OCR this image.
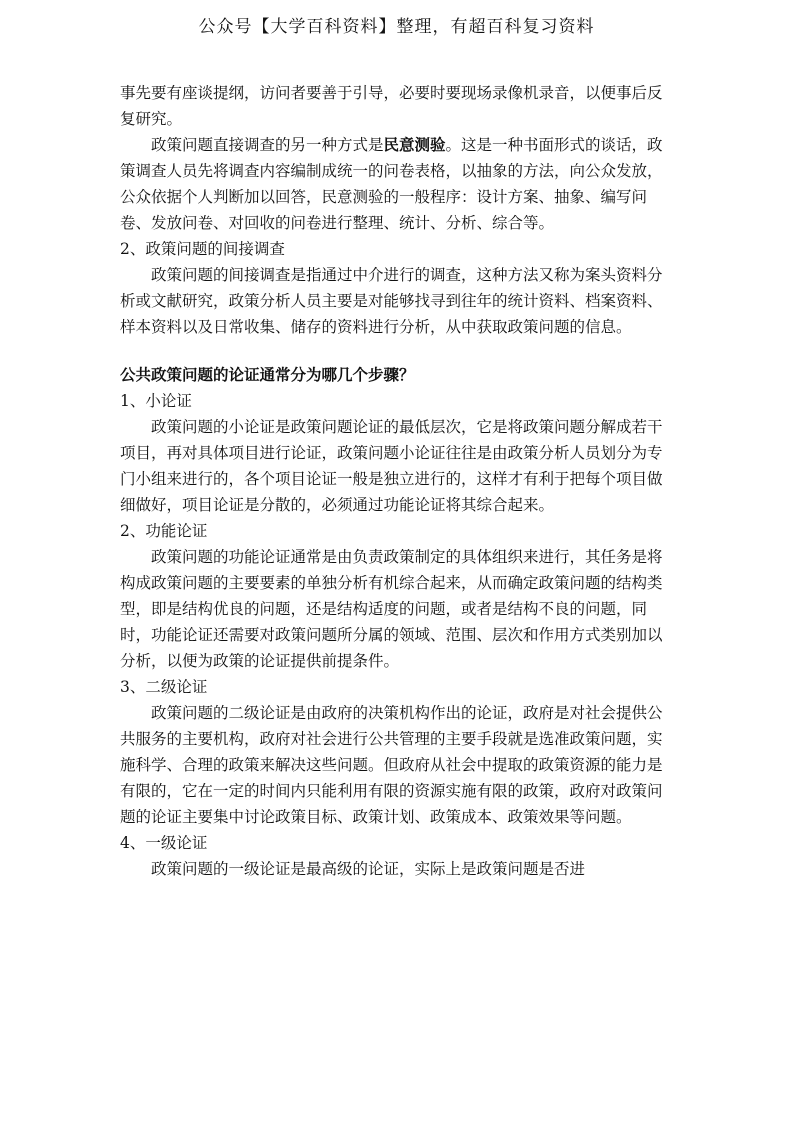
公众号【大学百科资料】整理，有超百科复习资料

事先要有座谈提纲，访问者要善于引导，必要时要现场录像机录音，以便事后反复研究。

政策问题直接调查的另一种方式是民意测验。这是一种书面形式的谈话，政策调查人员先将调查内容编制成统一的问卷表格，以抽象的方法，向公众发放，公众依据个人判断加以回答，民意测验的一般程序：设计方案、抽象、编写问卷、发放问卷、对回收的问卷进行整理、统计、分析、综合等。

2、政策问题的间接调查

政策问题的间接调查是指通过中介进行的调查，这种方法又称为案头资料分析或文献研究，政策分析人员主要是对能够找寻到往年的统计资料、档案资料、样本资料以及日常收集、储存的资料进行分析，从中获取政策问题的信息。

公共政策问题的论证通常分为哪几个步骤？

1、小论证

政策问题的小论证是政策问题论证的最低层次，它是将政策问题分解成若干项目，再对具体项目进行论证，政策问题小论证往往是由政策分析人员划分为专门小组来进行的，各个项目论证一般是独立进行的，这样才有利于把每个项目做细做好，项目论证是分散的，必须通过功能论证将其综合起来。

2、功能论证

政策问题的功能论证通常是由负责政策制定的具体组织来进行，其任务是将构成政策问题的主要要素的单独分析有机综合起来，从而确定政策问题的结构类型，即是结构优良的问题，还是结构适度的问题，或者是结构不良的问题，同时，功能论证还需要对政策问题所分属的领域、范围、层次和作用方式类别加以分析，以便为政策的论证提供前提条件。

3、二级论证

政策问题的二级论证是由政府的决策机构作出的论证，政府是对社会提供公共服务的主要机构，政府对社会进行公共管理的主要手段就是选准政策问题，实施科学、合理的政策来解决这些问题。但政府从社会中提取的政策资源的能力是有限的，它在一定的时间内只能利用有限的资源实施有限的政策，政府对政策问题的论证主要集中讨论政策目标、政策计划、政策成本、政策效果等问题。

4、一级论证

政策问题的一级论证是最高级的论证，实际上是政策问题是否进
